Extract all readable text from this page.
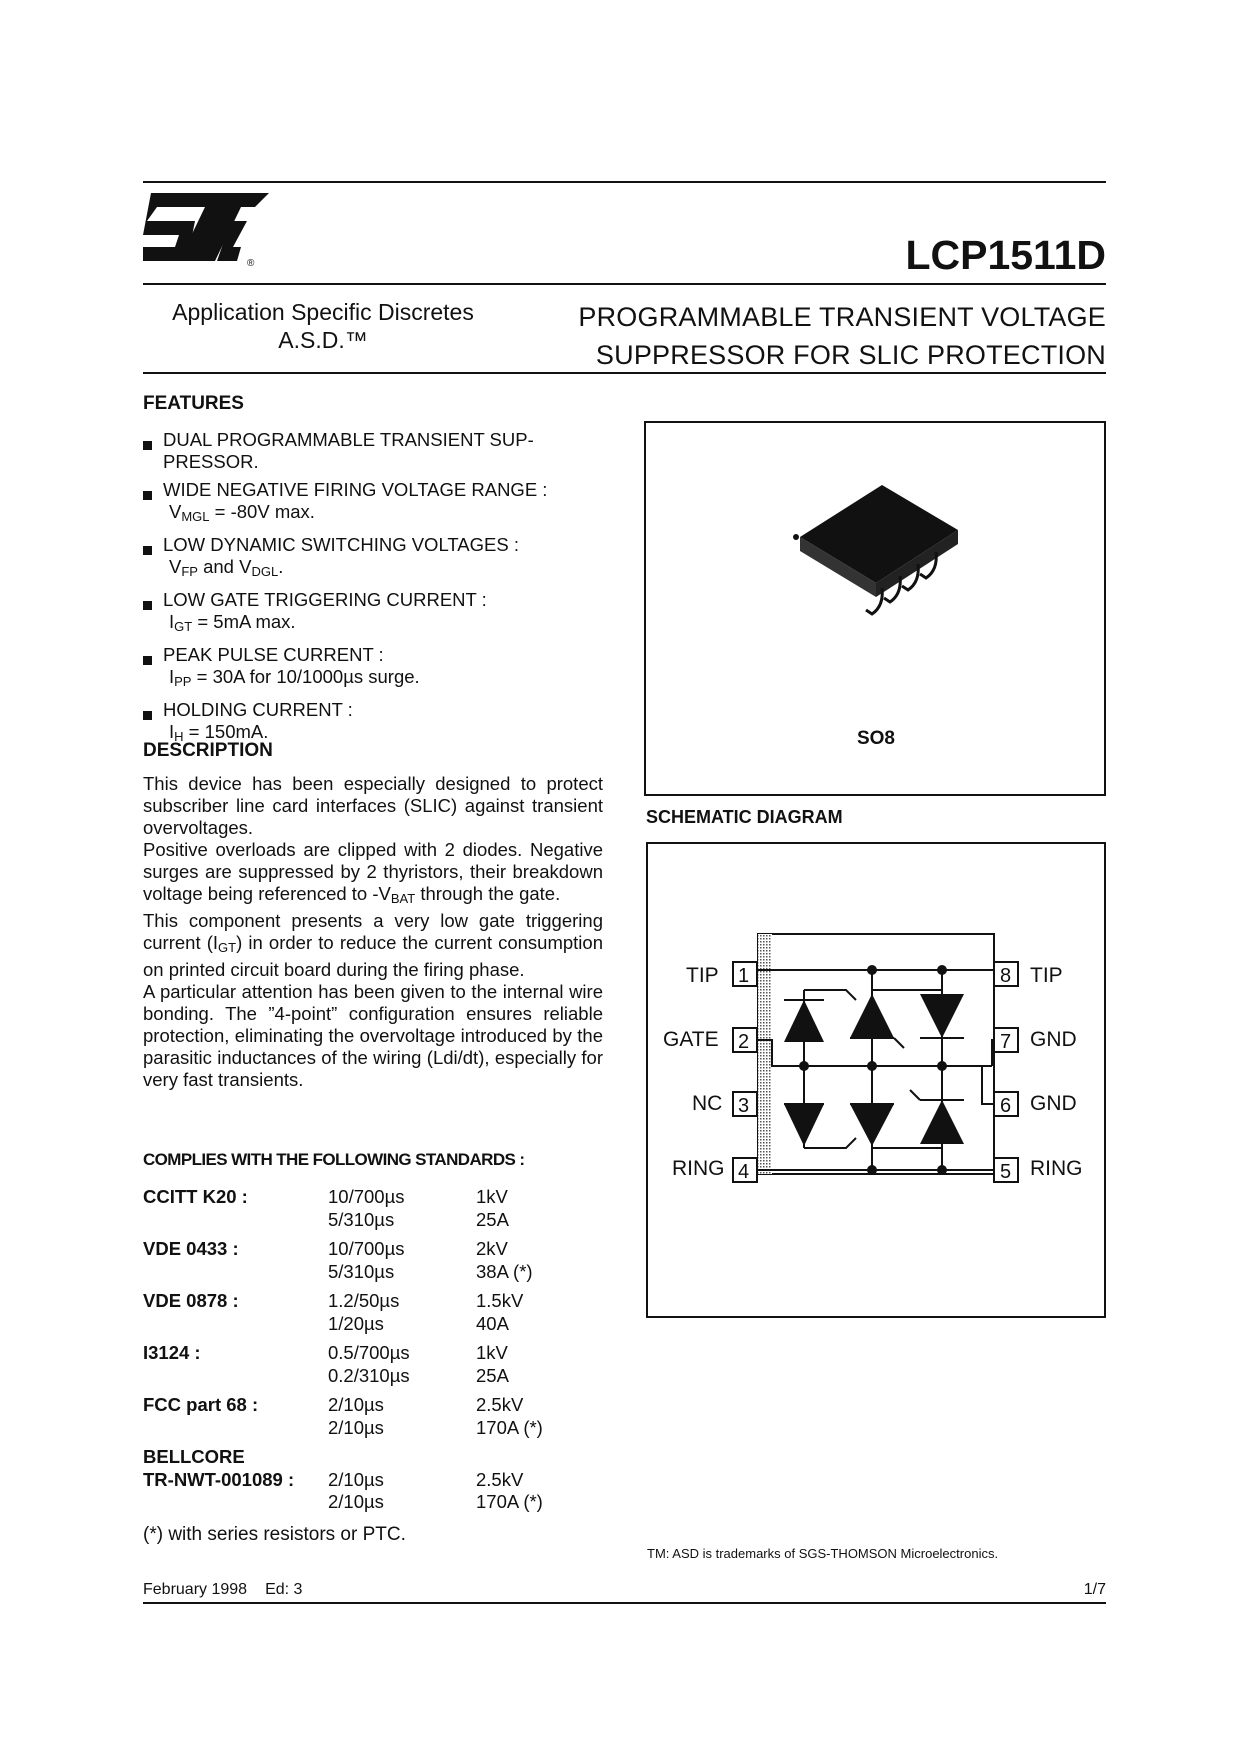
®	LCP1511D
Application Specific Discretes
A.S.D.™
PROGRAMMABLE TRANSIENT VOLTAGE
SUPPRESSOR FOR SLIC PROTECTION
FEATURES
DUAL PROGRAMMABLE TRANSIENT SUP-
PRESSOR.
WIDE NEGATIVE FIRING VOLTAGE RANGE :
$V_{MGL} = -80V$ max.
LOW DYNAMIC SWITCHING VOLTAGES :
$V_{FP}$ and $V_{DGL}$.
LOW GATE TRIGGERING CURRENT :
$I_{GT} = 5mA$ max.
PEAK PULSE CURRENT :
$I_{PP} = 30A$ for 10/1000µs surge.
HOLDING CURRENT :
$I_H = 150mA$.
DESCRIPTION

This device has been especially designed to protect subscriber line card interfaces (SLIC) against transient overvoltages.

Positive overloads are clipped with 2 diodes. Negative surges are suppressed by 2 thyristors, their breakdown voltage being referenced to $-V_{BAT}$ through the gate.

This component presents a very low gate triggering current $(I_{GT})$ in order to reduce the current consumption on printed circuit board during the firing phase.

A particular attention has been given to the internal wire bonding. The ”4-point” configuration ensures reliable protection, eliminating the overvoltage introduced by the parasitic inductances of the wiring (Ldi/dt), especially for very fast transients.

COMPLIES WITH THE FOLLOWING STANDARDS :
CCITT K20 :	10/700µs	1kV
	5/310µs	25A
VDE 0433 :	10/700µs	2kV
	5/310µs	38A (*)
VDE 0878 :	1.2/50µs	1.5kV
	1/20µs	40A
I3124 :	0.5/700µs	1kV
	0.2/310µs	25A
FCC part 68 :	2/10µs	2.5kV
	2/10µs	170A (*)
BELLCORE		
TR-NWT-001089 :	2/10µs	2.5kV
	2/10µs	170A (*)
(*) with series resistors or PTC.
SO8
SCHEMATIC DIAGRAM
TIP 1
GATE 2
NC 3
RING 4
8 TIP
7 GND
6 GND
5 RING
TM: ASD is trademarks of SGS-THOMSON Microelectronics.
February 1998 Ed: 3	1/7
